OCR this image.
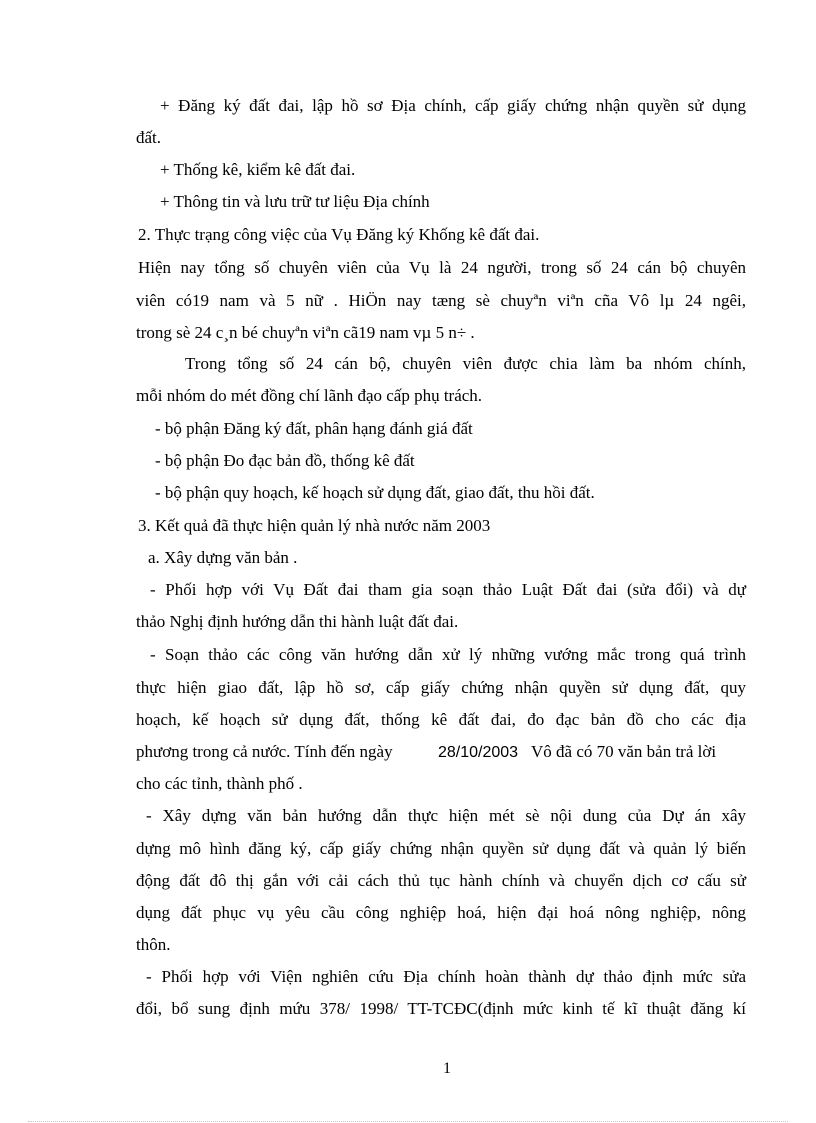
+ Đăng ký đất đai, lập hồ sơ Địa chính, cấp giấy chứng nhận quyền sử dụng

đất.

+ Thống kê, kiểm kê đất đai.

+ Thông tin và lưu trữ tư liệu Địa chính

2. Thực trạng công việc của Vụ Đăng ký Khống kê đất đai.

Hiện nay tổng số chuyên viên của Vụ là 24 người, trong số 24 cán bộ chuyên

viên có19 nam và 5 nữ . HiÖn nay tæng sè chuyªn viªn cña Vô lµ 24 ngêi,

trong sè 24 c¸n bé chuyªn viªn cã19 nam vµ 5 n÷ .

Trong tổng số 24 cán bộ, chuyên viên được chia làm ba nhóm chính,

mỗi nhóm do mét đồng chí lãnh đạo cấp phụ trách.

- bộ phận Đăng ký đất, phân hạng đánh giá đất

- bộ phận Đo đạc bản đồ, thống kê đất

- bộ phận quy hoạch, kế hoạch sử dụng đất, giao đất, thu hồi đất.

3. Kết quả đã thực hiện quản lý nhà nước năm 2003

a. Xây dựng văn bản .

- Phối hợp với Vụ Đất đai tham gia soạn thảo Luật Đất đai (sửa đổi) và dự

thảo Nghị định hướng dẫn thi hành luật đất đai.

- Soạn thảo các công văn hướng dẫn xử lý những vướng mắc trong quá trình

thực hiện giao đất, lập hồ sơ, cấp giấy chứng nhận quyền sử dụng đất, quy

hoạch, kế hoạch sử dụng đất, thống kê đất đai, đo đạc bản đồ cho các địa

phương trong cả nước. Tính đến ngày	28/10/2003 Vô đã có 70 văn bản trả lời

cho các tỉnh, thành phố .

- Xây dựng văn bản hướng dẫn thực hiện mét sè nội dung của Dự án xây

dựng mô hình đăng ký, cấp giấy chứng nhận quyền sử dụng đất và quản lý biến

động đất đô thị gắn với cải cách thủ tục hành chính và chuyển dịch cơ cấu sử

dụng đất phục vụ yêu cầu công nghiệp hoá, hiện đại hoá nông nghiệp, nông

thôn.

- Phối hợp với Viện nghiên cứu Địa chính hoàn thành dự thảo định mức sửa

đổi, bổ sung định mứu 378/ 1998/ TT-TCĐC(định mức kinh tế kĩ thuật đăng kí

1
